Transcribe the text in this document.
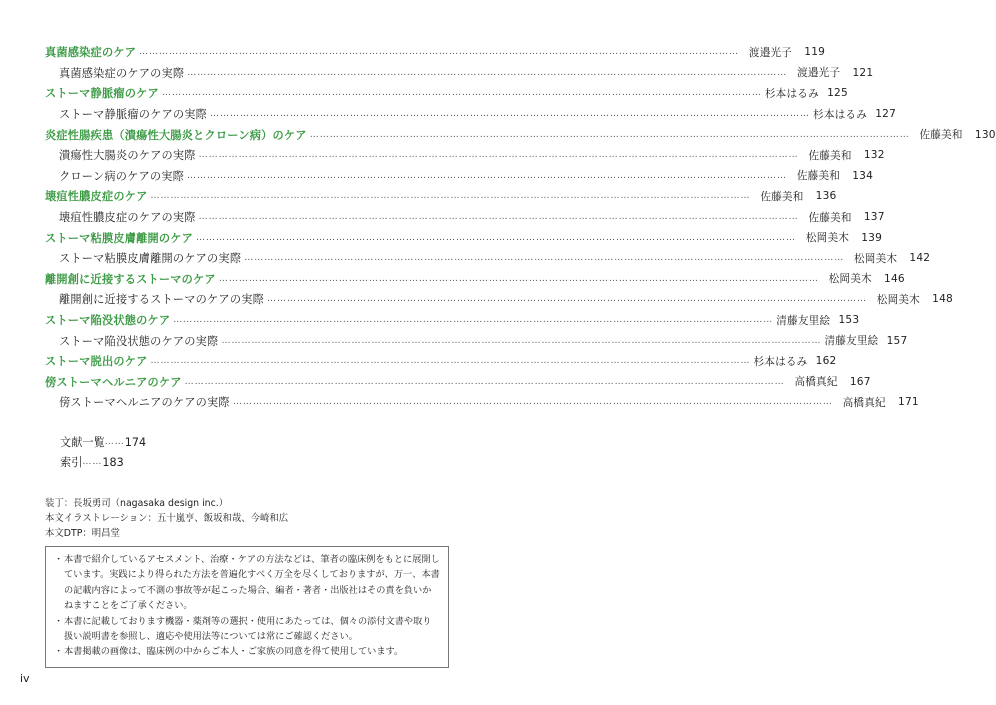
真菌感染症のケア ……………………………………………………………………………………………………………………………………………………………… 渡邉光子	119
真菌感染症のケアの実際 ……………………………………………………………………………………………………………………………………………………………… 渡邉光子	121
ストーマ静脈瘤のケア ……………………………………………………………………………………………………………………………………………………………… 杉本はるみ 125
ストーマ静脈瘤のケアの実際 ……………………………………………………………………………………………………………………………………………………………… 杉本はるみ 127
炎症性腸疾患（潰瘍性大腸炎とクローン病）のケア ……………………………………………………………………………………………………………………………………………………………… 佐藤美和	130
潰瘍性大腸炎のケアの実際 ……………………………………………………………………………………………………………………………………………………………… 佐藤美和	132
クローン病のケアの実際 ……………………………………………………………………………………………………………………………………………………………… 佐藤美和	134
壊疽性膿皮症のケア ……………………………………………………………………………………………………………………………………………………………… 佐藤美和	136
壊疽性膿皮症のケアの実際 ……………………………………………………………………………………………………………………………………………………………… 佐藤美和	137
ストーマ粘膜皮膚離開のケア ……………………………………………………………………………………………………………………………………………………………… 松岡美木	139
ストーマ粘膜皮膚離開のケアの実際 ……………………………………………………………………………………………………………………………………………………………… 松岡美木	142
離開創に近接するストーマのケア ……………………………………………………………………………………………………………………………………………………………… 松岡美木	146
離開創に近接するストーマのケアの実際 ……………………………………………………………………………………………………………………………………………………………… 松岡美木	148
ストーマ陥没状態のケア ……………………………………………………………………………………………………………………………………………………………… 清藤友里絵 153
ストーマ陥没状態のケアの実際 ……………………………………………………………………………………………………………………………………………………………… 清藤友里絵 157
ストーマ脱出のケア ……………………………………………………………………………………………………………………………………………………………… 杉本はるみ 162
傍ストーマヘルニアのケア ……………………………………………………………………………………………………………………………………………………………… 高橋真紀	167
傍ストーマヘルニアのケアの実際 ……………………………………………………………………………………………………………………………………………………………… 高橋真紀	171
文献一覧 …… 174
索引 …… 183
装丁：長坂勇司（nagasaka design inc.）
本文イラストレーション：五十嵐亨、飯坂和哉、今崎和広
本文DTP：明昌堂
・ 本書で紹介しているアセスメント、治療・ケアの方法などは、筆者の臨床例をもとに展開しています。実践により得られた方法を普遍化すべく万全を尽くしておりますが、万一、本書の記載内容によって不測の事故等が起こった場合、編者・著者・出版社はその責を負いかねますことをご了承ください。
・ 本書に記載しております機器・薬剤等の選択・使用にあたっては、個々の添付文書や取り扱い説明書を参照し、適応や使用法等については常にご確認ください。
・ 本書掲載の画像は、臨床例の中からご本人・ご家族の同意を得て使用しています。
iv
